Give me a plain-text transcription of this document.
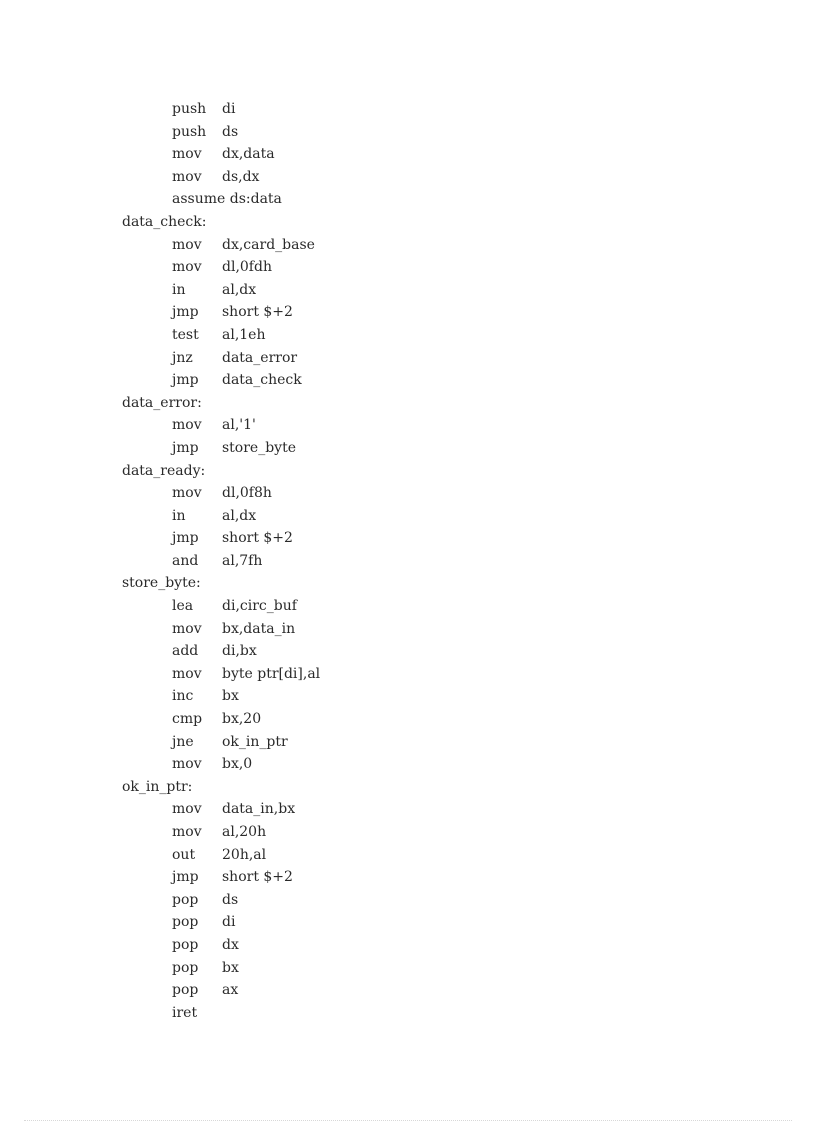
push di
push ds
mov dx,data
mov ds,dx
assume ds:data
data_check:
mov dx,card_base
mov dl,0fdh
in	al,dx
jmp short $+2
test al,1eh
jnz data_error
jmp data_check
data_error:
mov al,'1'
jmp store_byte
data_ready:
mov dl,0f8h
in	al,dx
jmp short $+2
and al,7fh
store_byte:
lea di,circ_buf
mov bx,data_in
add di,bx
mov byte ptr[di],al
inc bx
cmp bx,20
jne ok_in_ptr
mov bx,0
ok_in_ptr:
mov data_in,bx
mov al,20h
out 20h,al
jmp short $+2
pop ds
pop di
pop dx
pop bx
pop ax
iret
